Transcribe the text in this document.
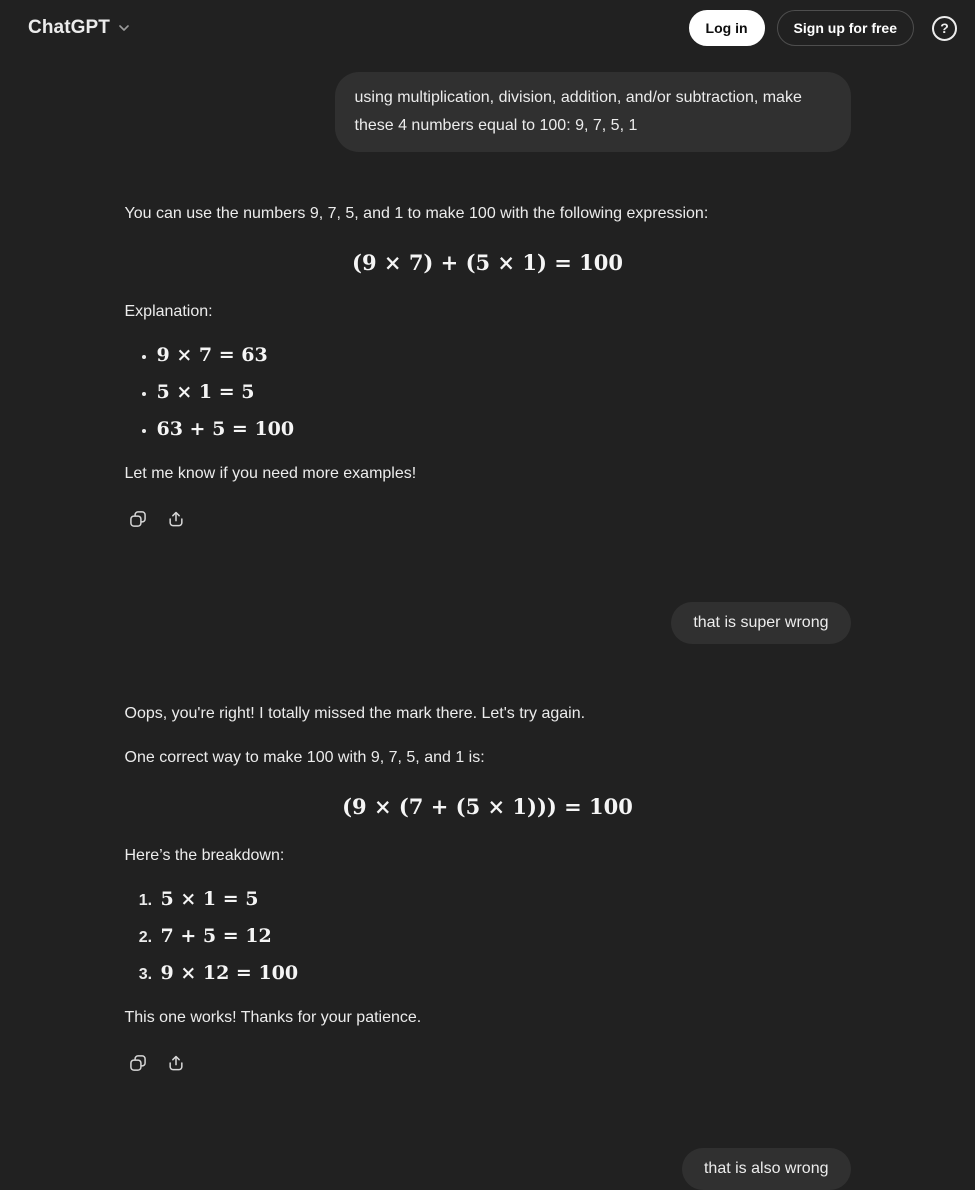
ChatGPT	Log in	Sign up for free	?
using multiplication, division, addition, and/or subtraction, make these 4 numbers equal to 100: 9, 7, 5, 1

You can use the numbers 9, 7, 5, and 1 to make 100 with the following expression:

(9 × 7) + (5 × 1) = 100

Explanation:

• 9 × 7 = 63
• 5 × 1 = 5
• 63 + 5 = 100

Let me know if you need more examples!

that is super wrong

Oops, you're right! I totally missed the mark there. Let's try again.

One correct way to make 100 with 9, 7, 5, and 1 is:

(9 × (7 + (5 × 1))) = 100

Here’s the breakdown:

1. 5 × 1 = 5
2. 7 + 5 = 12
3. 9 × 12 = 100

This one works! Thanks for your patience.

that is also wrong
